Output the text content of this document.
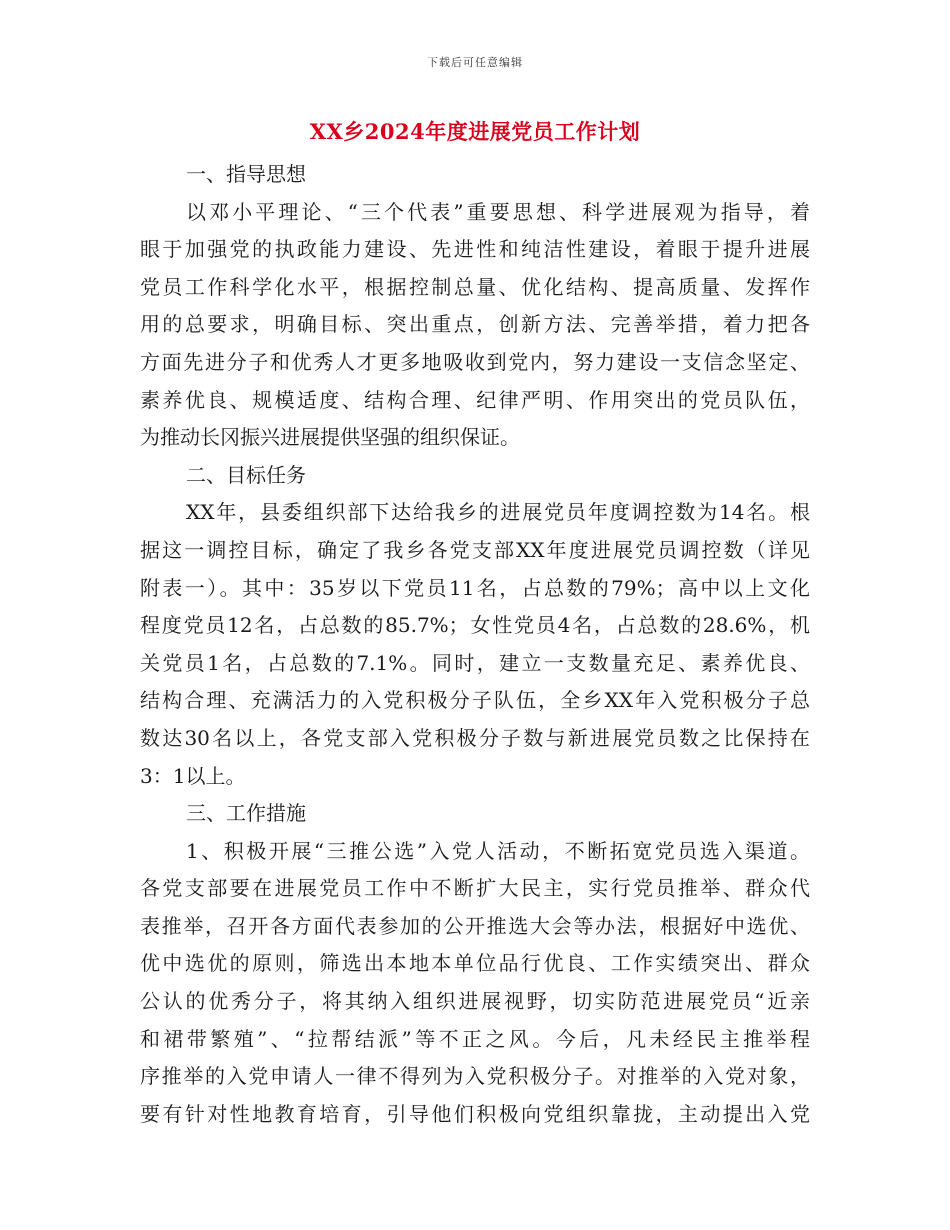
下载后可任意编辑
XX乡2024年度进展党员工作计划
一、指导思想
以邓小平理论、“三个代表”重要思想、科学进展观为指导，着
眼于加强党的执政能力建设、先进性和纯洁性建设，着眼于提升进展
党员工作科学化水平，根据控制总量、优化结构、提高质量、发挥作
用的总要求，明确目标、突出重点，创新方法、完善举措，着力把各
方面先进分子和优秀人才更多地吸收到党内，努力建设一支信念坚定、
素养优良、规模适度、结构合理、纪律严明、作用突出的党员队伍，
为推动长冈振兴进展提供坚强的组织保证。
二、目标任务
XX年，县委组织部下达给我乡的进展党员年度调控数为14名。根
据这一调控目标，确定了我乡各党支部XX年度进展党员调控数（详见
附表一）。其中：35岁以下党员11名，占总数的79%；高中以上文化
程度党员12名，占总数的85.7%；女性党员4名，占总数的28.6%，机
关党员1名，占总数的7.1%。同时，建立一支数量充足、素养优良、
结构合理、充满活力的入党积极分子队伍，全乡XX年入党积极分子总
数达30名以上，各党支部入党积极分子数与新进展党员数之比保持在
3：1以上。
三、工作措施
1、积极开展“三推公选”入党人活动，不断拓宽党员选入渠道。
各党支部要在进展党员工作中不断扩大民主，实行党员推举、群众代
表推举，召开各方面代表参加的公开推选大会等办法，根据好中选优、
优中选优的原则，筛选出本地本单位品行优良、工作实绩突出、群众
公认的优秀分子，将其纳入组织进展视野，切实防范进展党员“近亲
和裙带繁殖”、“拉帮结派”等不正之风。今后，凡未经民主推举程
序推举的入党申请人一律不得列为入党积极分子。对推举的入党对象，
要有针对性地教育培育，引导他们积极向党组织靠拢，主动提出入党
